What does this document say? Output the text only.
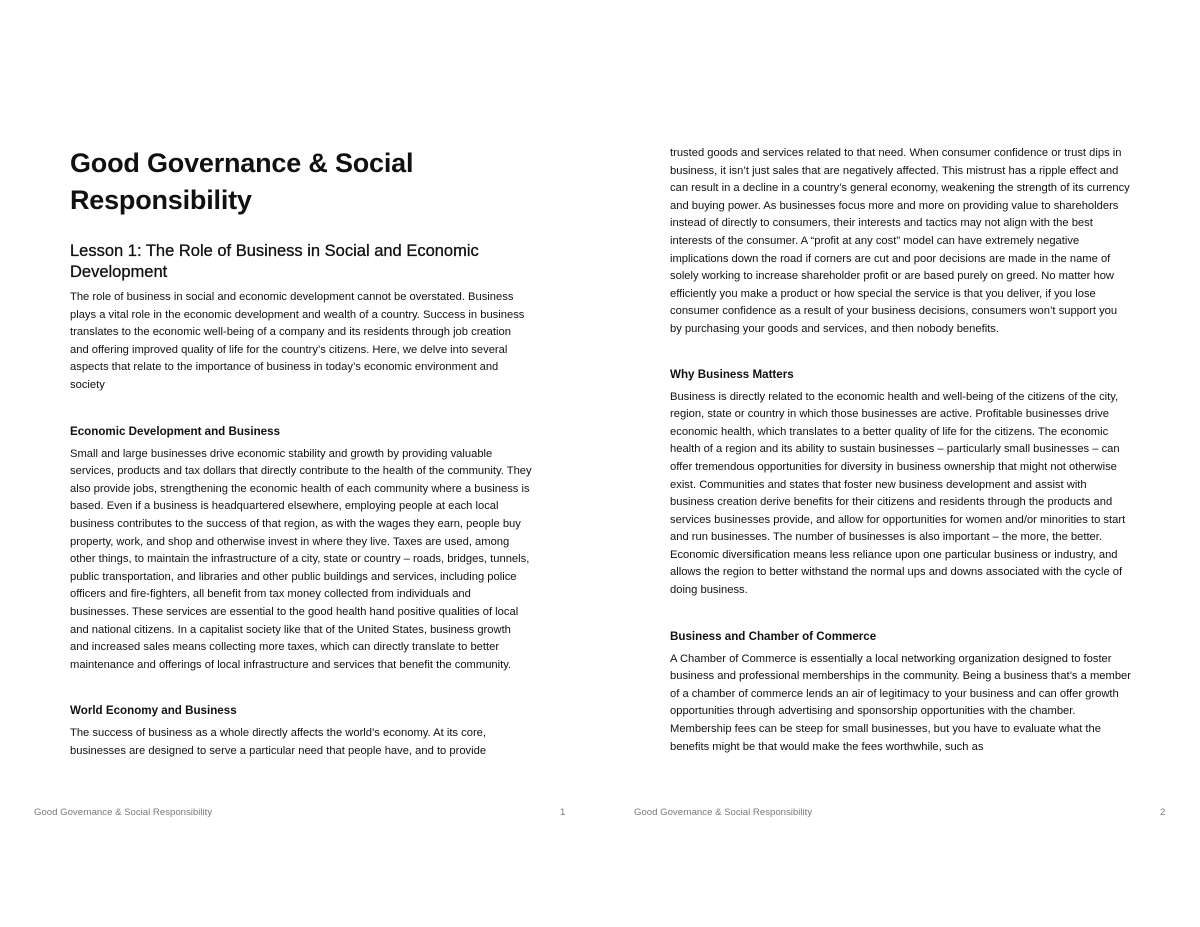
Good Governance & Social Responsibility
Lesson 1: The Role of Business in Social and Economic Development

The role of business in social and economic development cannot be overstated. Business plays a vital role in the economic development and wealth of a country. Success in business translates to the economic well-being of a company and its residents through job creation and offering improved quality of life for the country’s citizens. Here, we delve into several aspects that relate to the importance of business in today’s economic environment and society

Economic Development and Business

Small and large businesses drive economic stability and growth by providing valuable services, products and tax dollars that directly contribute to the health of the community. They also provide jobs, strengthening the economic health of each community where a business is based. Even if a business is headquartered elsewhere, employing people at each local business contributes to the success of that region, as with the wages they earn, people buy property, work, and shop and otherwise invest in where they live. Taxes are used, among other things, to maintain the infrastructure of a city, state or country – roads, bridges, tunnels, public transportation, and libraries and other public buildings and services, including police officers and fire-fighters, all benefit from tax money collected from individuals and businesses. These services are essential to the good health hand positive qualities of local and national citizens. In a capitalist society like that of the United States, business growth and increased sales means collecting more taxes, which can directly translate to better maintenance and offerings of local infrastructure and services that benefit the community.

World Economy and Business

The success of business as a whole directly affects the world’s economy. At its core, businesses are designed to serve a particular need that people have, and to provide

Good Governance & Social Responsibility	1

trusted goods and services related to that need. When consumer confidence or trust dips in business, it isn’t just sales that are negatively affected. This mistrust has a ripple effect and can result in a decline in a country’s general economy, weakening the strength of its currency and buying power. As businesses focus more and more on providing value to shareholders instead of directly to consumers, their interests and tactics may not align with the best interests of the consumer. A “profit at any cost” model can have extremely negative implications down the road if corners are cut and poor decisions are made in the name of solely working to increase shareholder profit or are based purely on greed. No matter how efficiently you make a product or how special the service is that you deliver, if you lose consumer confidence as a result of your business decisions, consumers won’t support you by purchasing your goods and services, and then nobody benefits.

Why Business Matters

Business is directly related to the economic health and well-being of the citizens of the city, region, state or country in which those businesses are active. Profitable businesses drive economic health, which translates to a better quality of life for the citizens. The economic health of a region and its ability to sustain businesses – particularly small businesses – can offer tremendous opportunities for diversity in business ownership that might not otherwise exist. Communities and states that foster new business development and assist with business creation derive benefits for their citizens and residents through the products and services businesses provide, and allow for opportunities for women and/or minorities to start and run businesses. The number of businesses is also important – the more, the better. Economic diversification means less reliance upon one particular business or industry, and allows the region to better withstand the normal ups and downs associated with the cycle of doing business.

Business and Chamber of Commerce

A Chamber of Commerce is essentially a local networking organization designed to foster business and professional memberships in the community. Being a business that’s a member of a chamber of commerce lends an air of legitimacy to your business and can offer growth opportunities through advertising and sponsorship opportunities with the chamber. Membership fees can be steep for small businesses, but you have to evaluate what the benefits might be that would make the fees worthwhile, such as

Good Governance & Social Responsibility	2
